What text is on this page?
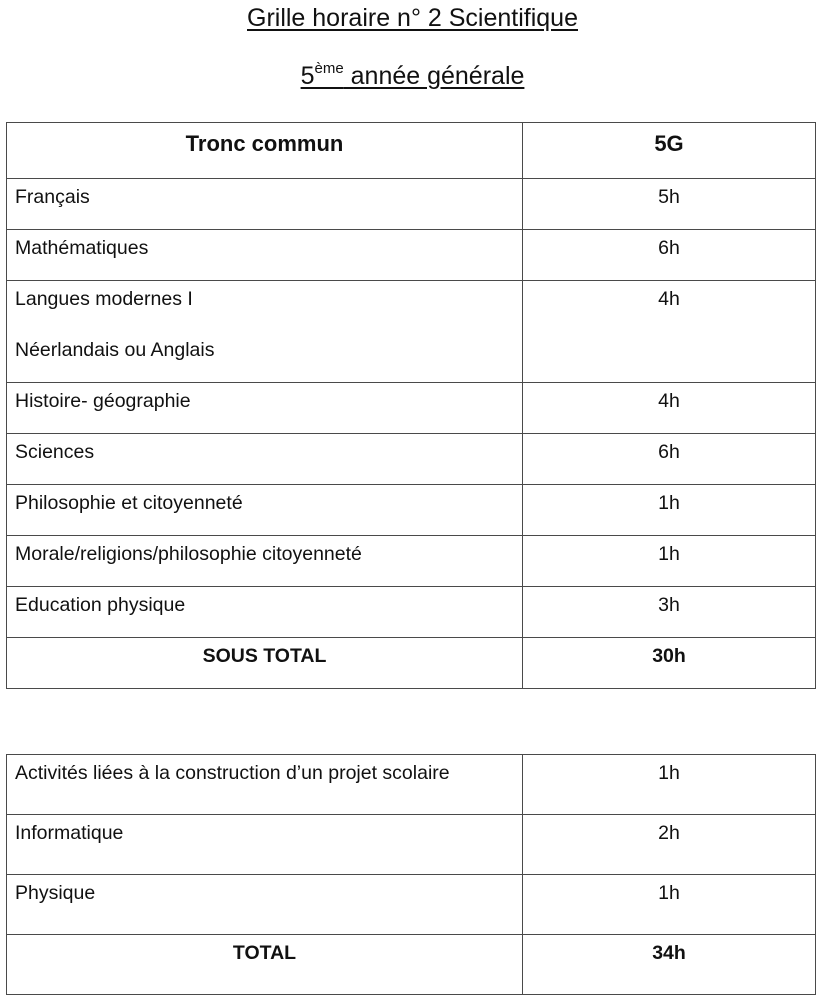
Grille horaire n° 2 Scientifique
5ème année générale
Tronc commun	5G

Français	5h

Mathématiques	6h

Langues modernes I
Néerlandais ou Anglais	4h

Histoire- géographie	4h

Sciences	6h

Philosophie et citoyenneté	1h

Morale/religions/philosophie citoyenneté	1h

Education physique	3h

SOUS TOTAL	30h
Activités liées à la construction d’un projet scolaire	1h

Informatique	2h

Physique	1h

TOTAL	34h
